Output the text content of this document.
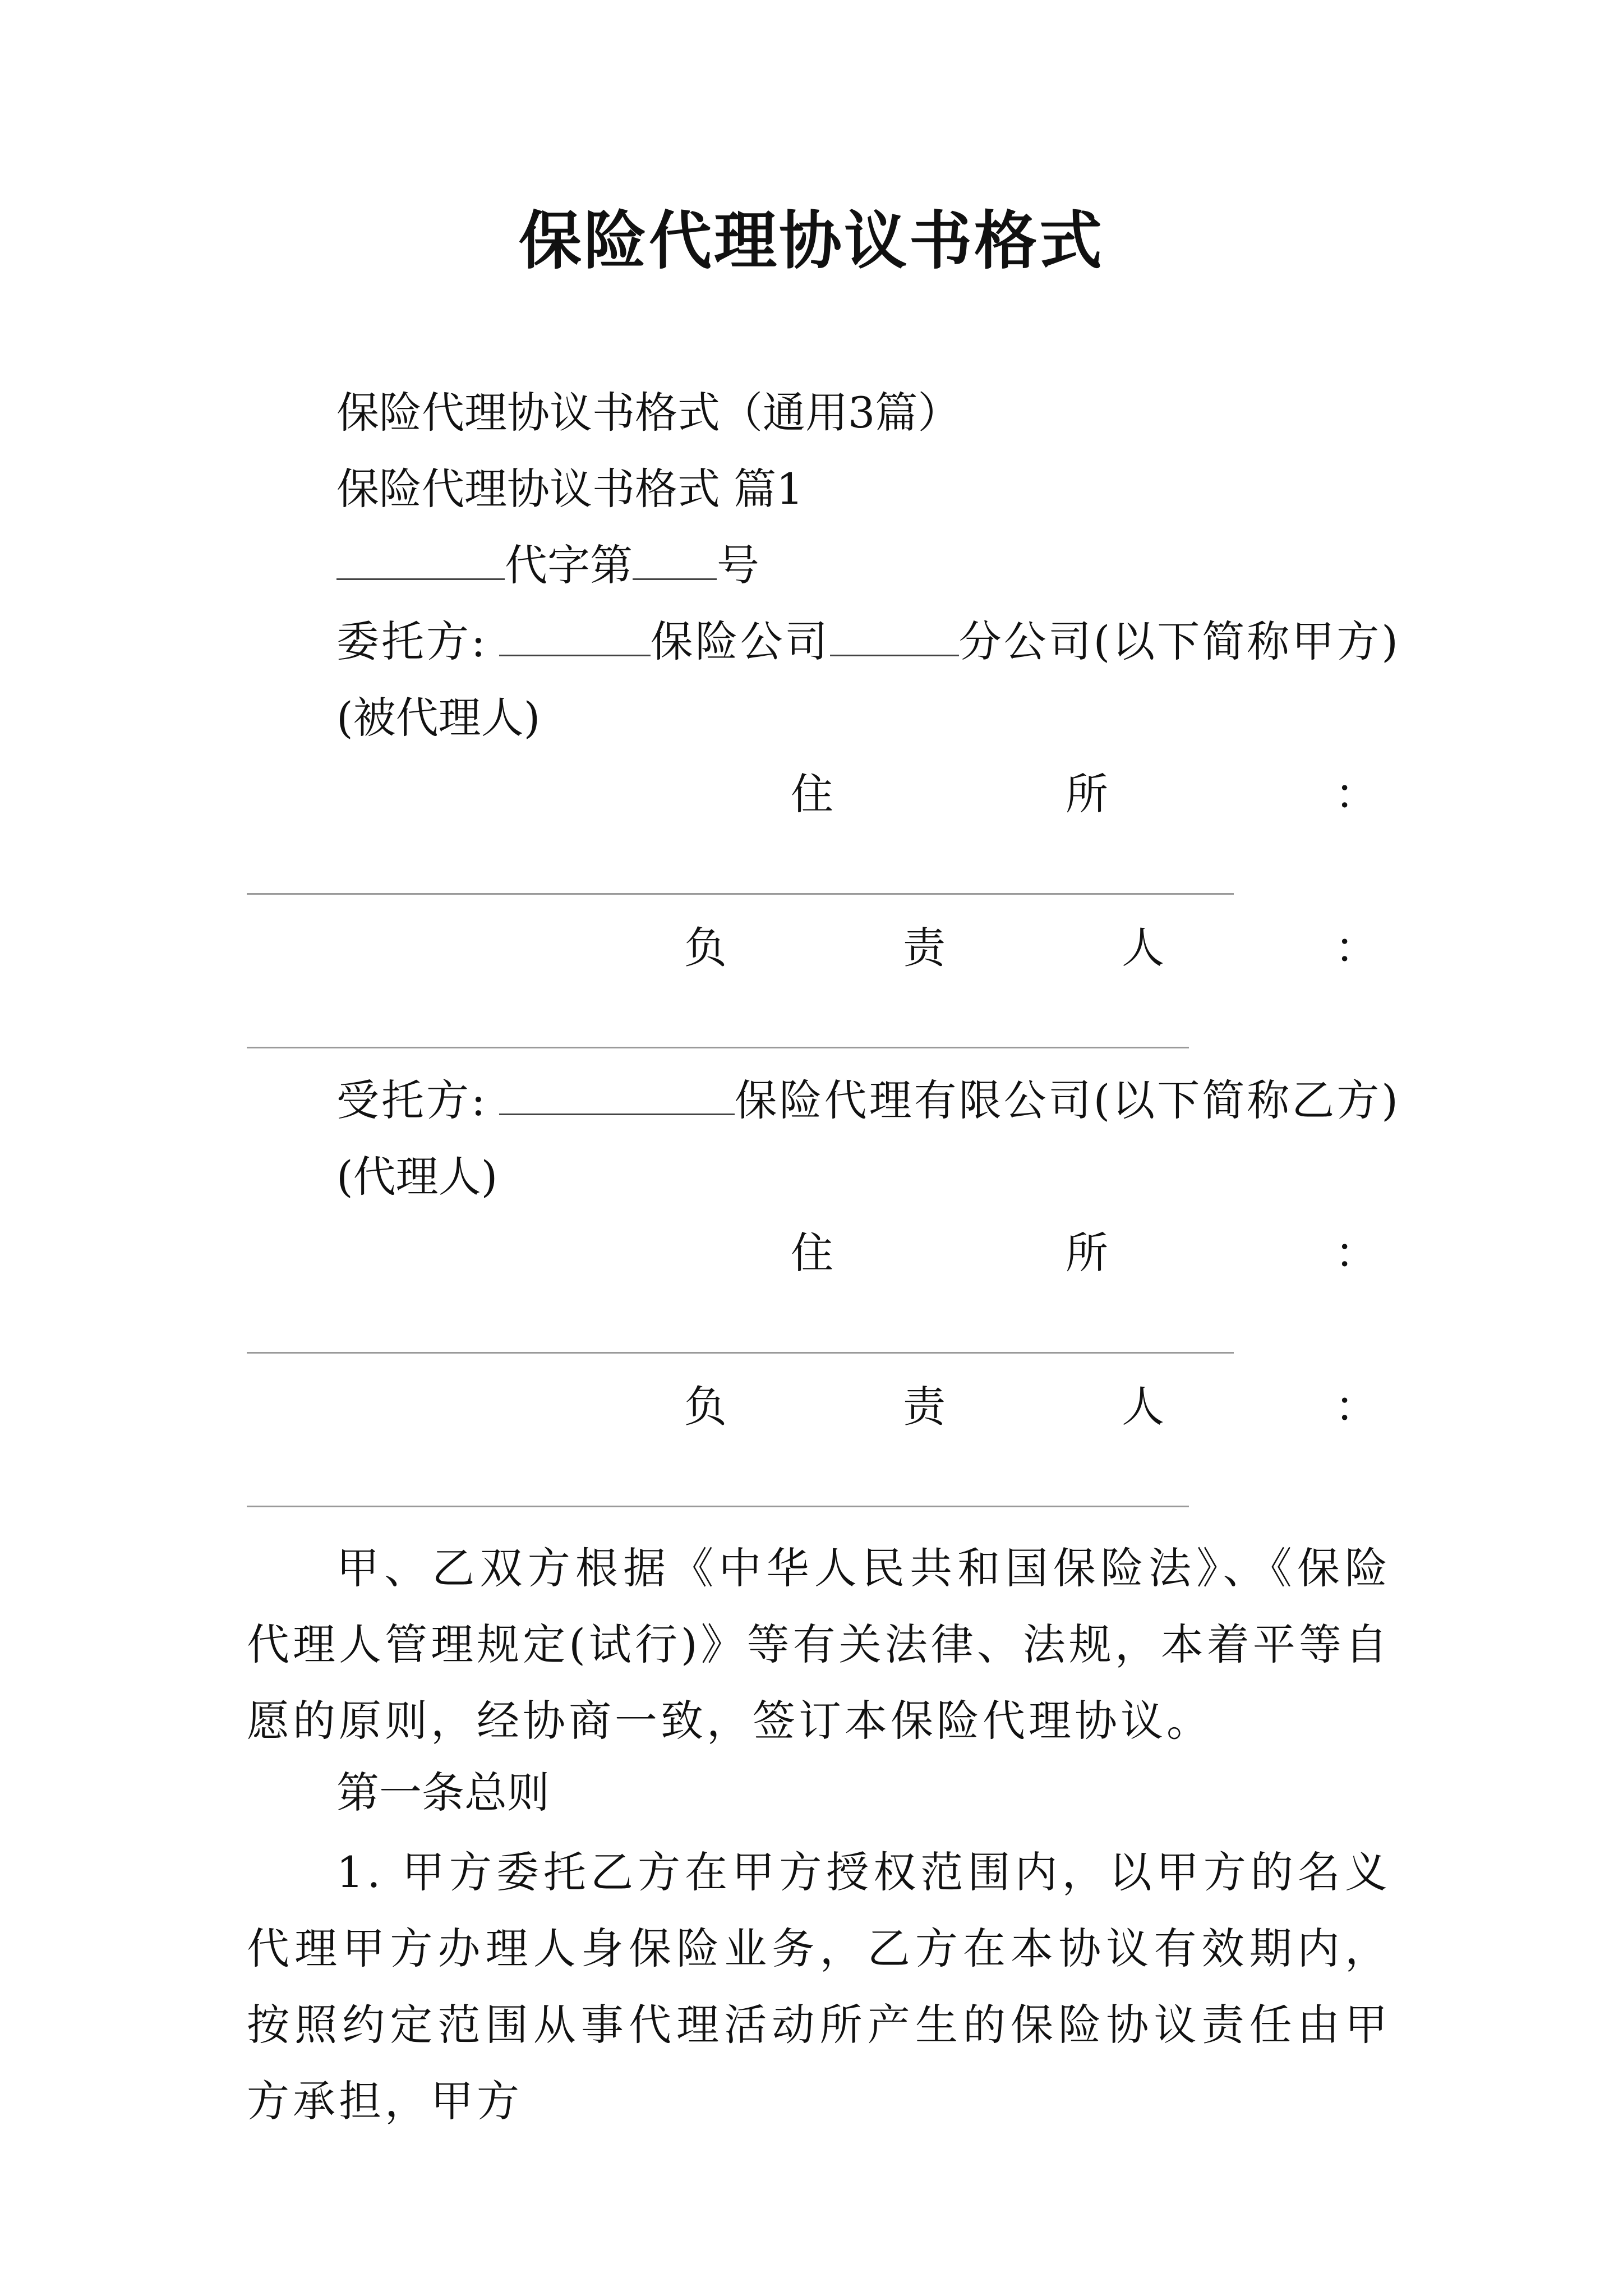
保险代理协议书格式
保险代理协议书格式（通用3篇）
保险代理协议书格式 篇1
代字第 号
委托方:	保险公司	分公司(以下简称甲方)
(被代理人)
住	所	：
负	责	人	：
受托方:	保险代理有限公司(以下简称乙方)
(代理人)
住	所	：
负	责	人	：
甲、乙双方根据《中华人民共和国保险法》、《保险代理人管理规定(试行)》等有关法律、法规，本着平等自愿的原则，经协商一致，签订本保险代理协议。
第一条总则
1. 甲方委托乙方在甲方授权范围内，以甲方的名义代理甲方办理人身保险业务，乙方在本协议有效期内，按照约定范围从事代理活动所产生的保险协议责任由甲方承担，甲方
